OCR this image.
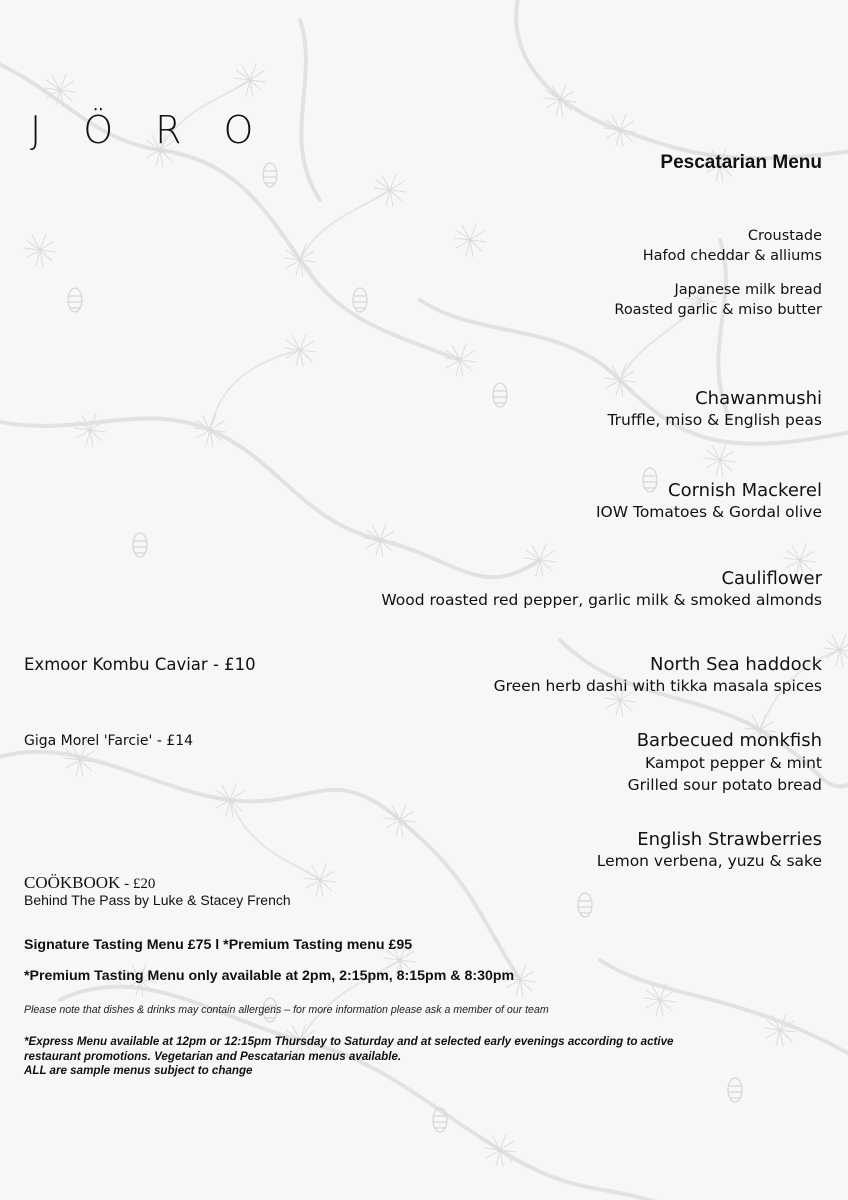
JÖRO
Pescatarian Menu
Croustade
Hafod cheddar & alliums
Japanese milk bread
Roasted garlic & miso butter
Chawanmushi
Truffle, miso & English peas
Cornish Mackerel
IOW Tomatoes & Gordal olive
Cauliflower
Wood roasted red pepper, garlic milk & smoked almonds
North Sea haddock
Green herb dashi with tikka masala spices
Barbecued monkfish
Kampot pepper & mint
Grilled sour potato bread
English Strawberries
Lemon verbena, yuzu & sake
Exmoor Kombu Caviar - £10
Giga Morel 'Farcie' - £14
COÖKBOOK - £20
Behind The Pass by Luke & Stacey French
Signature Tasting Menu £75 l *Premium Tasting menu £95
*Premium Tasting Menu only available at 2pm, 2:15pm, 8:15pm & 8:30pm
Please note that dishes & drinks may contain allergens – for more information please ask a member of our team
*Express Menu available at 12pm or 12:15pm Thursday to Saturday and at selected early evenings according to active
restaurant promotions. Vegetarian and Pescatarian menus available.
ALL are sample menus subject to change
